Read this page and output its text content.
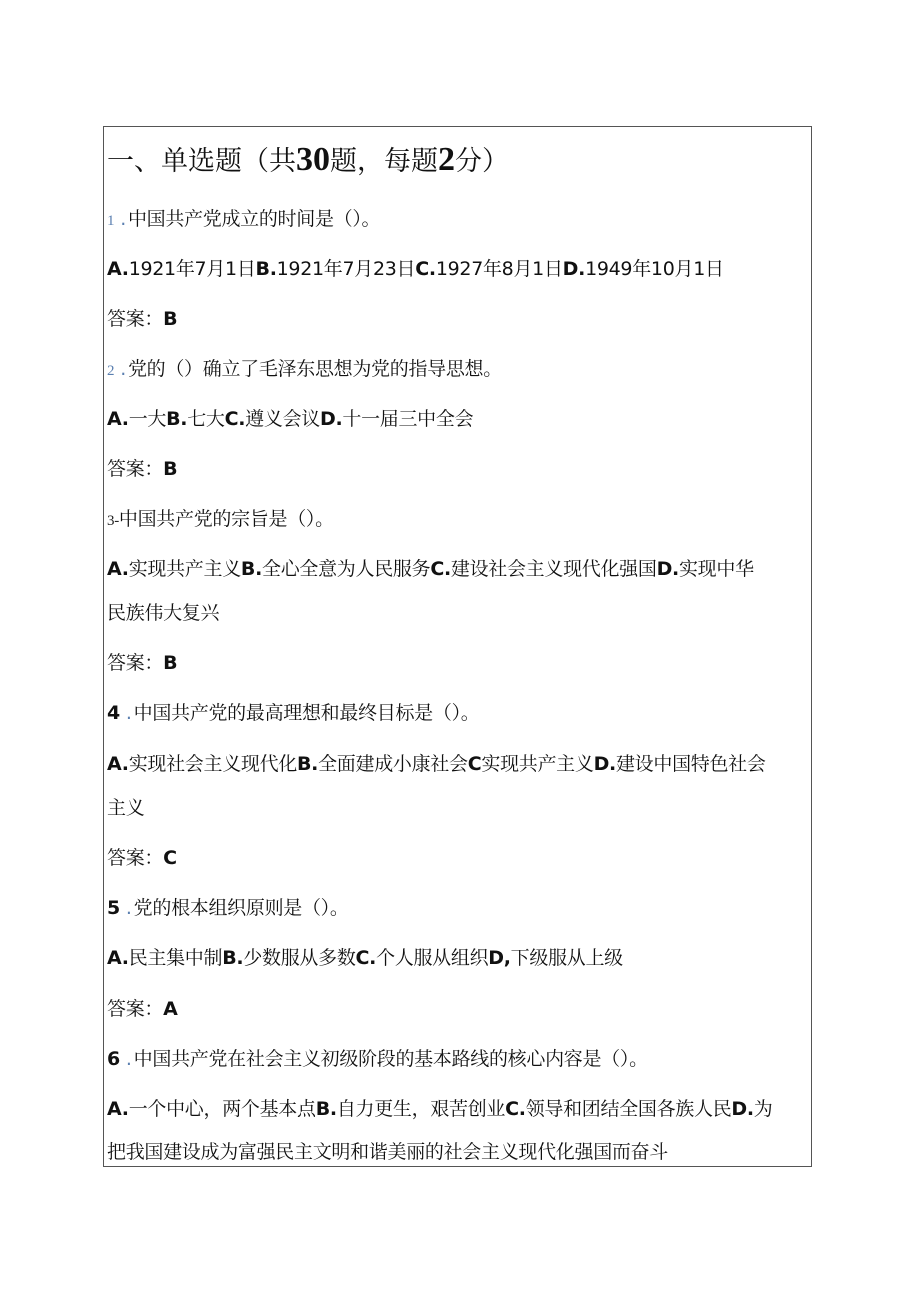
一、单选题（共30题，每题2分）
1 . 中国共产党成立的时间是（）。
A.1921年7月1日B.1921年7月23日C.1927年8月1日D.1949年10月1日
答案：B
2 . 党的（）确立了毛泽东思想为党的指导思想。
A.一大B.七大C.遵义会议D.十一届三中全会
答案：B
3-中国共产党的宗旨是（）。
A.实现共产主义B.全心全意为人民服务C.建设社会主义现代化强国D.实现中华
民族伟大复兴
答案：B
4 . 中国共产党的最高理想和最终目标是（）。
A.实现社会主义现代化B.全面建成小康社会C实现共产主义D.建设中国特色社会
主义
答案：C
5 . 党的根本组织原则是（）。
A.民主集中制B.少数服从多数C.个人服从组织D,下级服从上级
答案：A
6 . 中国共产党在社会主义初级阶段的基本路线的核心内容是（）。
A.一个中心，两个基本点B.自力更生，艰苦创业C.领导和团结全国各族人民D.为
把我国建设成为富强民主文明和谐美丽的社会主义现代化强国而奋斗
